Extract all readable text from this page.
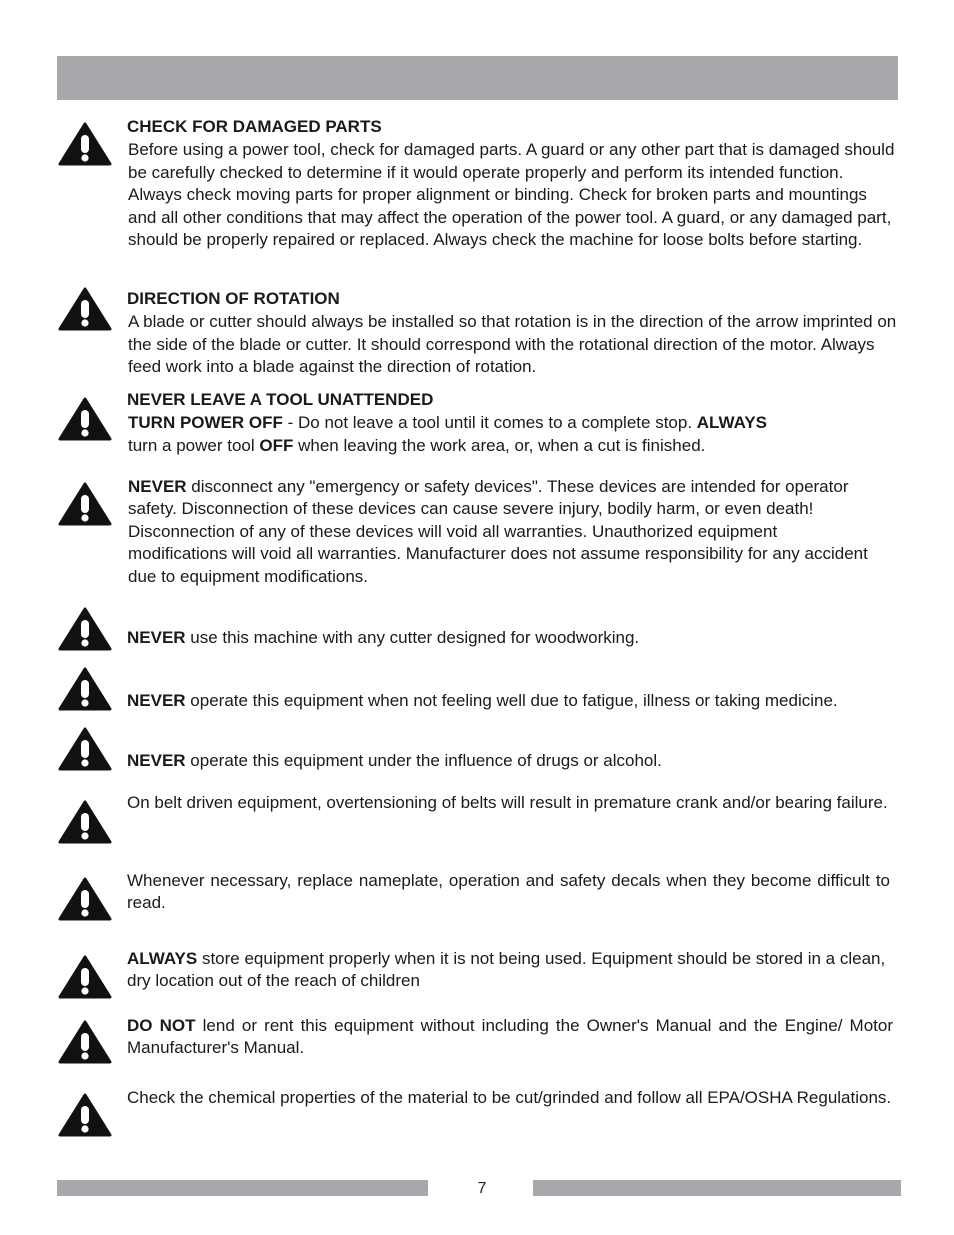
CHECK FOR DAMAGED PARTS

Before using a power tool, check for damaged parts. A guard or any other part that is damaged should be carefully checked to determine if it would operate properly and perform its intended function. Always check moving parts for proper alignment or binding. Check for broken parts and mountings and all other conditions that may affect the operation of the power tool. A guard, or any damaged part, should be properly repaired or replaced. Always check the machine for loose bolts before starting.

DIRECTION OF ROTATION

A blade or cutter should always be installed so that rotation is in the direction of the arrow imprinted on the side of the blade or cutter. It should correspond with the rotational direction of the motor. Always feed work into a blade against the direction of rotation.

NEVER LEAVE A TOOL UNATTENDED

TURN POWER OFF - Do not leave a tool until it comes to a complete stop. ALWAYS
turn a power tool OFF when leaving the work area, or, when a cut is finished.

NEVER disconnect any "emergency or safety devices". These devices are intended for operator safety. Disconnection of these devices can cause severe injury, bodily harm, or even death! Disconnection of any of these devices will void all warranties. Unauthorized equipment modifications will void all warranties. Manufacturer does not assume responsibility for any accident due to equipment modifications.

NEVER use this machine with any cutter designed for woodworking.

NEVER operate this equipment when not feeling well due to fatigue, illness or taking medicine.

NEVER operate this equipment under the influence of drugs or alcohol.

On belt driven equipment, overtensioning of belts will result in premature crank and/or bearing failure.

Whenever necessary, replace nameplate, operation and safety decals when they become difficult to read.

ALWAYS store equipment properly when it is not being used. Equipment should be stored in a clean, dry location out of the reach of children

DO NOT lend or rent this equipment without including the Owner's Manual and the Engine/ Motor Manufacturer's Manual.

Check the chemical properties of the material to be cut/grinded and follow all EPA/OSHA Regulations.

7
